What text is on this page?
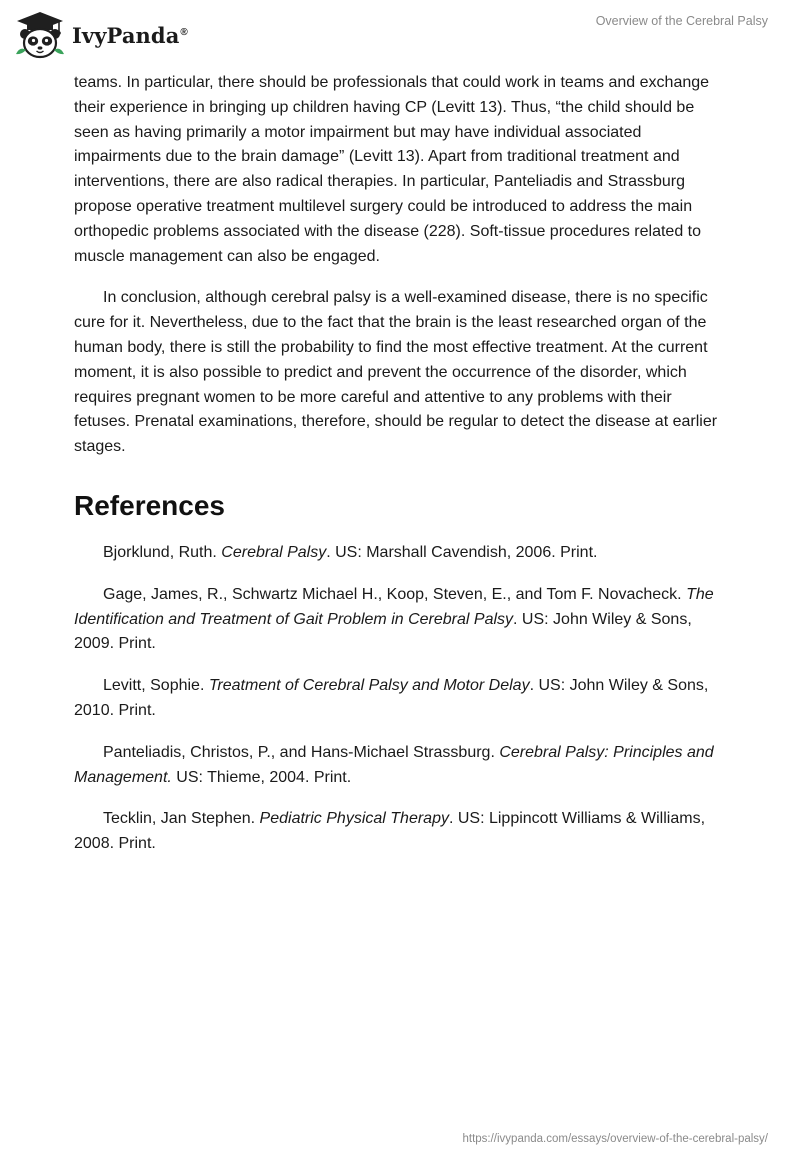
IvyPanda®
Overview of the Cerebral Palsy

teams. In particular, there should be professionals that could work in teams and exchange their experience in bringing up children having CP (Levitt 13). Thus, “the child should be seen as having primarily a motor impairment but may have individual associated impairments due to the brain damage” (Levitt 13). Apart from traditional treatment and interventions, there are also radical therapies. In particular, Panteliadis and Strassburg propose operative treatment multilevel surgery could be introduced to address the main orthopedic problems associated with the disease (228). Soft-tissue procedures related to muscle management can also be engaged.

In conclusion, although cerebral palsy is a well-examined disease, there is no specific cure for it. Nevertheless, due to the fact that the brain is the least researched organ of the human body, there is still the probability to find the most effective treatment. At the current moment, it is also possible to predict and prevent the occurrence of the disorder, which requires pregnant women to be more careful and attentive to any problems with their fetuses. Prenatal examinations, therefore, should be regular to detect the disease at earlier stages.

References

Bjorklund, Ruth. Cerebral Palsy. US: Marshall Cavendish, 2006. Print.

Gage, James, R., Schwartz Michael H., Koop, Steven, E., and Tom F. Novacheck. The Identification and Treatment of Gait Problem in Cerebral Palsy. US: John Wiley & Sons, 2009. Print.

Levitt, Sophie. Treatment of Cerebral Palsy and Motor Delay. US: John Wiley & Sons, 2010. Print.

Panteliadis, Christos, P., and Hans-Michael Strassburg. Cerebral Palsy: Principles and Management. US: Thieme, 2004. Print.

Tecklin, Jan Stephen. Pediatric Physical Therapy. US: Lippincott Williams & Williams, 2008. Print.

https://ivypanda.com/essays/overview-of-the-cerebral-palsy/
